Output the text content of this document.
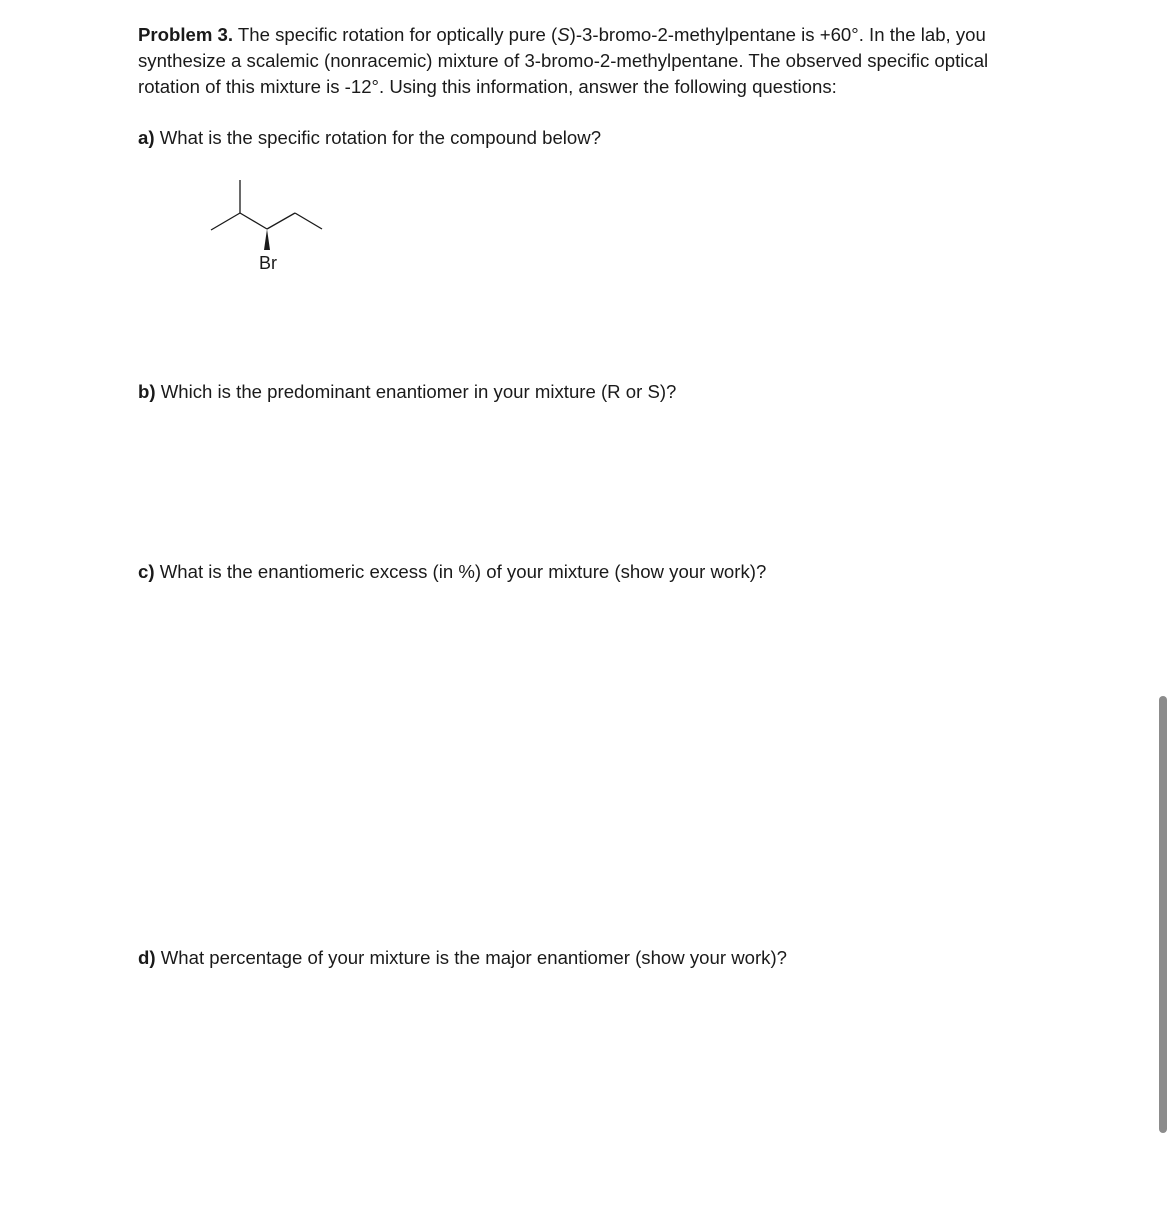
Problem 3. The specific rotation for optically pure (S)-3-bromo-2-methylpentane is +60°. In the lab, you synthesize a scalemic (nonracemic) mixture of 3-bromo-2-methylpentane. The observed specific optical rotation of this mixture is -12°. Using this information, answer the following questions:

a) What is the specific rotation for the compound below?

Br

b) Which is the predominant enantiomer in your mixture (R or S)?

c) What is the enantiomeric excess (in %) of your mixture (show your work)?

d) What percentage of your mixture is the major enantiomer (show your work)?
